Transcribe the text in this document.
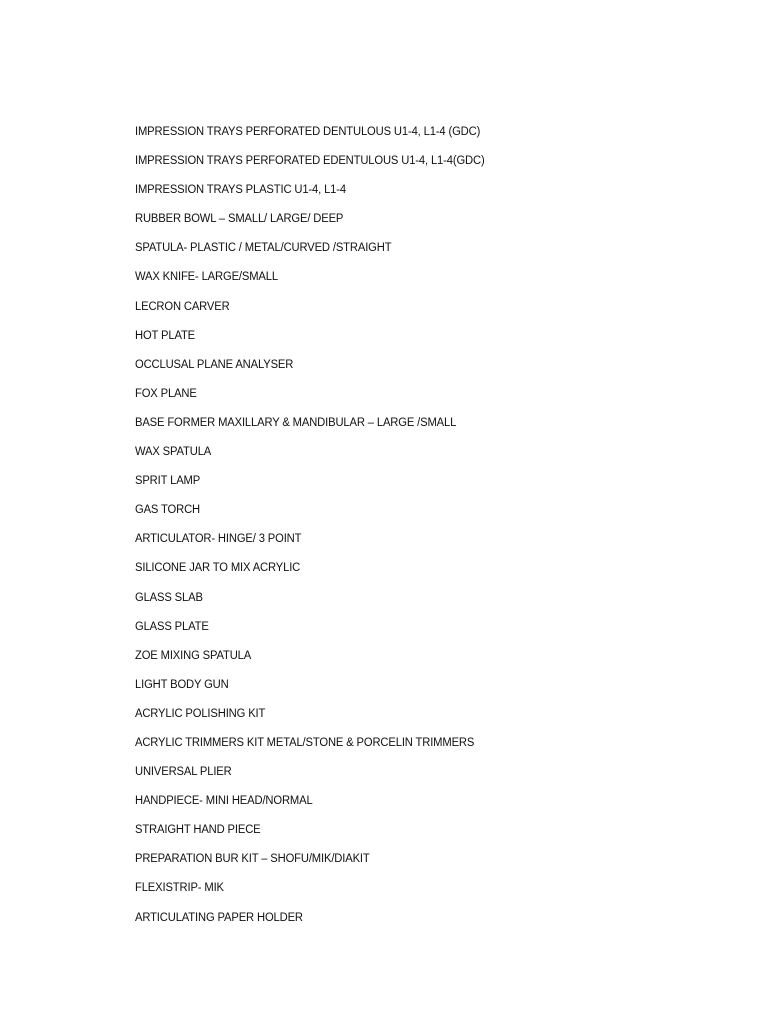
IMPRESSION TRAYS PERFORATED DENTULOUS U1-4, L1-4 (GDC)
IMPRESSION TRAYS PERFORATED EDENTULOUS U1-4, L1-4(GDC)
IMPRESSION TRAYS PLASTIC U1-4, L1-4
RUBBER BOWL – SMALL/ LARGE/ DEEP
SPATULA- PLASTIC / METAL/CURVED /STRAIGHT
WAX KNIFE- LARGE/SMALL
LECRON CARVER
HOT PLATE
OCCLUSAL PLANE ANALYSER
FOX PLANE
BASE FORMER MAXILLARY & MANDIBULAR – LARGE /SMALL
WAX SPATULA
SPRIT LAMP
GAS TORCH
ARTICULATOR- HINGE/ 3 POINT
SILICONE JAR TO MIX ACRYLIC
GLASS SLAB
GLASS PLATE
ZOE MIXING SPATULA
LIGHT BODY GUN
ACRYLIC POLISHING KIT
ACRYLIC TRIMMERS KIT METAL/STONE & PORCELIN TRIMMERS
UNIVERSAL PLIER
HANDPIECE- MINI HEAD/NORMAL
STRAIGHT HAND PIECE
PREPARATION BUR KIT – SHOFU/MIK/DIAKIT
FLEXISTRIP- MIK
ARTICULATING PAPER HOLDER
